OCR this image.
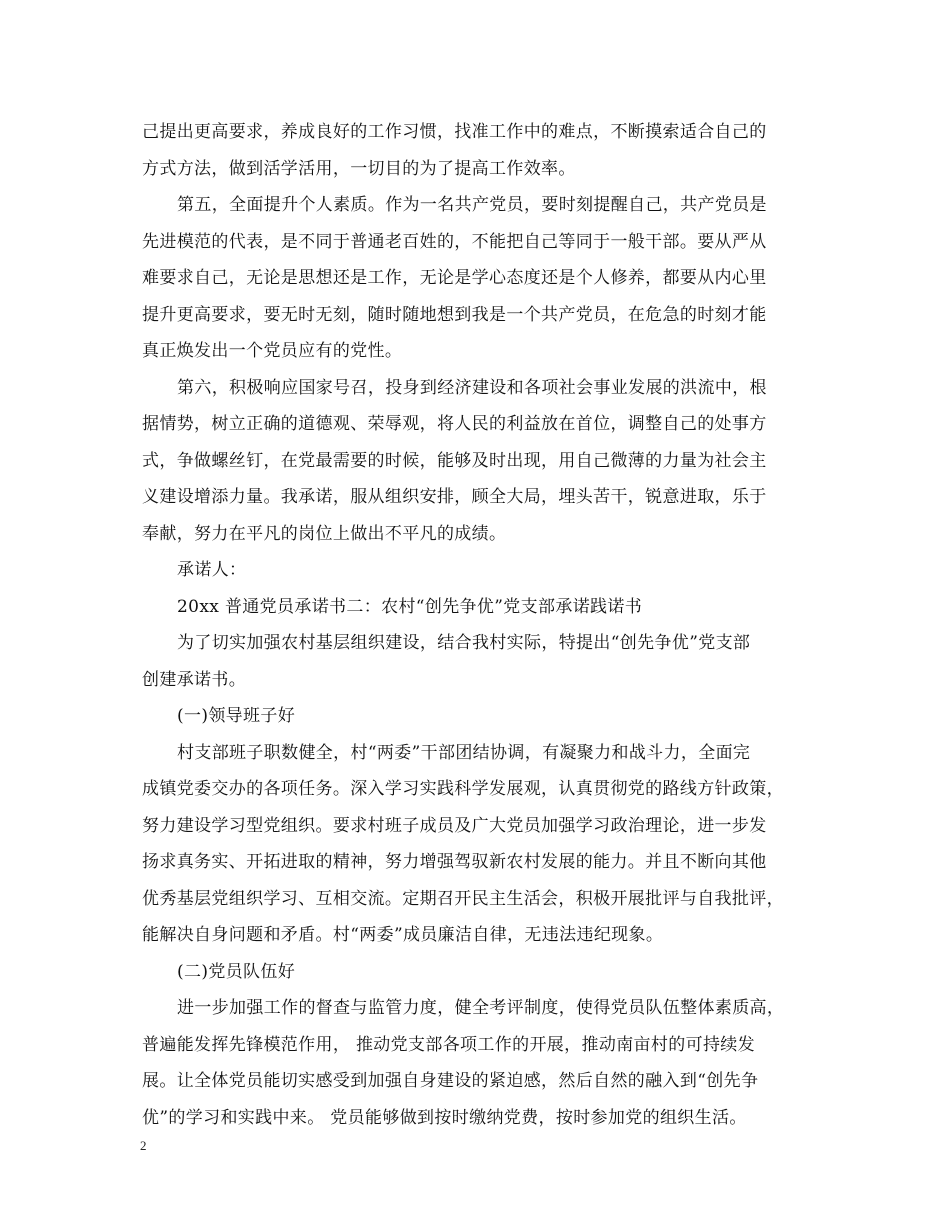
己提出更高要求，养成良好的工作习惯，找准工作中的难点，不断摸索适合自己的
方式方法，做到活学活用，一切目的为了提高工作效率。
第五，全面提升个人素质。作为一名共产党员，要时刻提醒自己，共产党员是
先进模范的代表，是不同于普通老百姓的，不能把自己等同于一般干部。要从严从
难要求自己，无论是思想还是工作，无论是学心态度还是个人修养，都要从内心里
提升更高要求，要无时无刻，随时随地想到我是一个共产党员，在危急的时刻才能
真正焕发出一个党员应有的党性。
第六，积极响应国家号召，投身到经济建设和各项社会事业发展的洪流中，根
据情势，树立正确的道德观、荣辱观，将人民的利益放在首位，调整自己的处事方
式，争做螺丝钉，在党最需要的时候，能够及时出现，用自己微薄的力量为社会主
义建设增添力量。我承诺，服从组织安排，顾全大局，埋头苦干，锐意进取，乐于
奉献，努力在平凡的岗位上做出不平凡的成绩。
承诺人：
20xx 普通党员承诺书二：农村“创先争优”党支部承诺践诺书
为了切实加强农村基层组织建设，结合我村实际，特提出“创先争优”党支部
创建承诺书。
(一)领导班子好
村支部班子职数健全，村“两委”干部团结协调，有凝聚力和战斗力，全面完
成镇党委交办的各项任务。深入学习实践科学发展观，认真贯彻党的路线方针政策，
努力建设学习型党组织。要求村班子成员及广大党员加强学习政治理论，进一步发
扬求真务实、开拓进取的精神，努力增强驾驭新农村发展的能力。并且不断向其他
优秀基层党组织学习、互相交流。定期召开民主生活会，积极开展批评与自我批评，
能解决自身问题和矛盾。村“两委”成员廉洁自律，无违法违纪现象。
(二)党员队伍好
进一步加强工作的督查与监管力度，健全考评制度，使得党员队伍整体素质高，
普遍能发挥先锋模范作用， 推动党支部各项工作的开展，推动南亩村的可持续发
展。让全体党员能切实感受到加强自身建设的紧迫感，然后自然的融入到“创先争
优”的学习和实践中来。 党员能够做到按时缴纳党费，按时参加党的组织生活。
2
